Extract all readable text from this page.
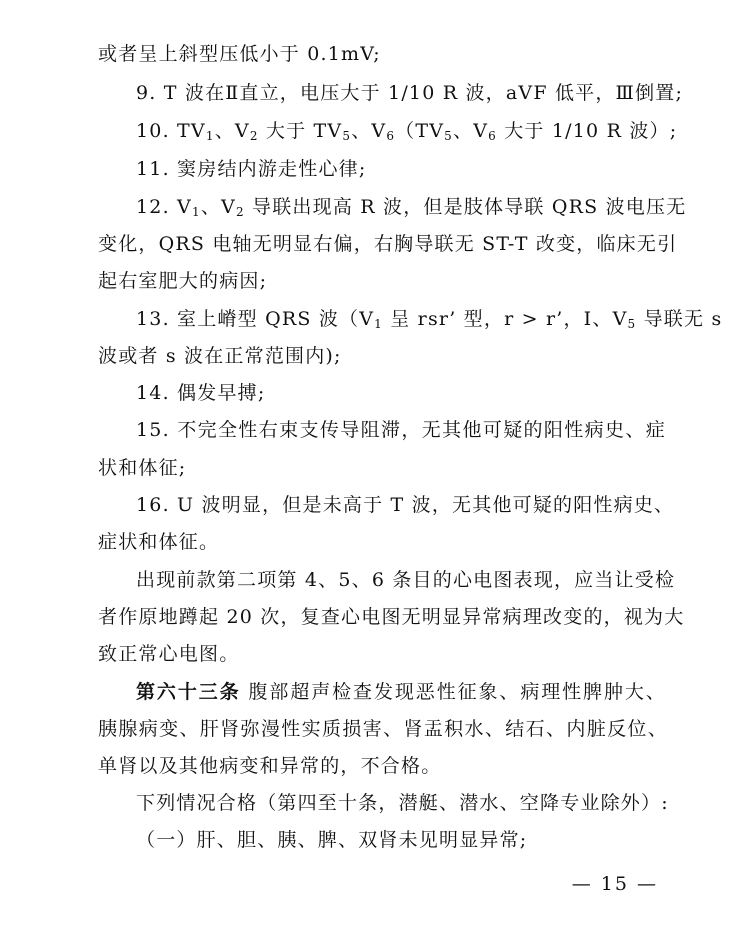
或者呈上斜型压低小于 0.1mV;
9. T 波在Ⅱ直立，电压大于 1/10 R 波，aVF 低平，Ⅲ倒置;
10. $TV_1$、$V_2$ 大于 $TV_5$、$V_6(TV_5$、$V_6$ 大于 1/10 R 波）;
11. 窦房结内游走性心律;
12. $V_1$、$V_2$ 导联出现高 R 波，但是肢体导联 QRS 波电压无
变化，QRS 电轴无明显右偏，右胸导联无 ST-T 改变，临床无引
起右室肥大的病因;
13. 室上嵴型 QRS 波（$V_1$ 呈 rsr’ 型，r > r’，I、$V_5$ 导联无 s
波或者 s 波在正常范围内);
14. 偶发早搏;
15. 不完全性右束支传导阻滞，无其他可疑的阳性病史、症
状和体征;
16. U 波明显，但是未高于 T 波，无其他可疑的阳性病史、
症状和体征。
出现前款第二项第 4、5、6 条目的心电图表现，应当让受检
者作原地蹲起 20 次，复查心电图无明显异常病理改变的，视为大
致正常心电图。
第六十三条 腹部超声检查发现恶性征象、病理性脾肿大、
胰腺病变、肝肾弥漫性实质损害、肾盂积水、结石、内脏反位、
单肾以及其他病变和异常的，不合格。
下列情况合格（第四至十条，潜艇、潜水、空降专业除外）:
（一）肝、胆、胰、脾、双肾未见明显异常;
— 15 —
